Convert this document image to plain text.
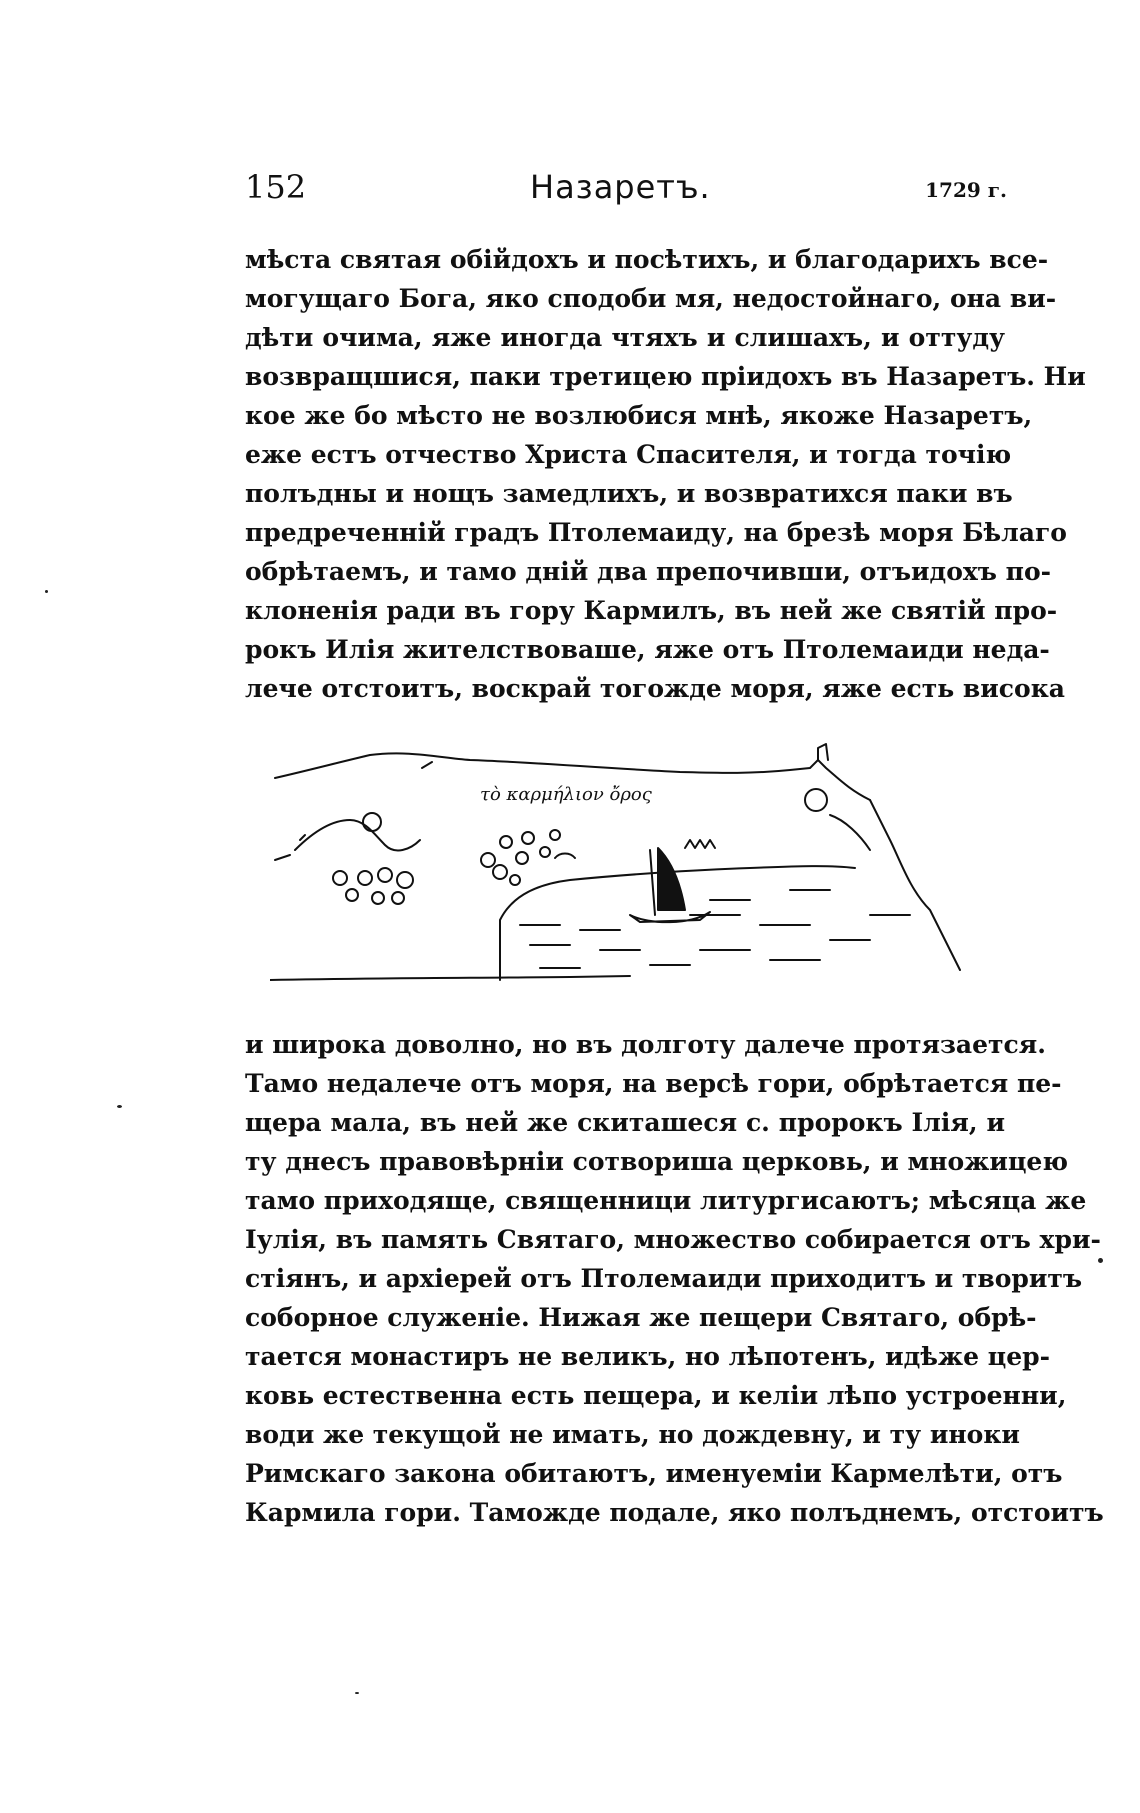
152	Назаретъ.	1729 г.
мѣста святая обійдохъ и посѣтихъ, и благодарихъ все-
могущаго Бога, яко сподоби мя, недостойнаго, она ви-
дѣти очима, яже иногда чтяхъ и слишахъ, и оттуду
возвращшися, паки третицею пріидохъ въ Назаретъ. Ни
кое же бо мѣсто не возлюбися мнѣ, якоже Назаретъ,
еже естъ отчество Христа Спасителя, и тогда точію
полъдны и нощъ замедлихъ, и возвратихся паки въ
предреченній градъ Птолемаиду, на брезѣ моря Бѣлаго
обрѣтаемъ, и тамо дній два препочивши, отъидохъ по-
клоненія ради въ гору Кармилъ, въ ней же святій про-
рокъ Илія жителствоваше, яже отъ Птолемаиди неда-
лече отстоитъ, воскрай тогожде моря, яже есть висока
τὸ καρμήλιον ὄρος
и широка доволно, но въ долготу далече протязается.
Тамо недалече отъ моря, на версѣ гори, обрѣтается пе-
щера мала, въ ней же скиташеся с. пророкъ Ілія, и
ту днесъ правовѣрніи сотвориша церковь, и множицею
тамо приходяще, священници литургисаютъ; мѣсяца же
Іулія, въ память Святаго, множество собирается отъ хри-
стіянъ, и архіерей отъ Птолемаиди приходитъ и творитъ
соборное служеніе. Нижая же пещери Святаго, обрѣ-
тается монастиръ не великъ, но лѣпотенъ, идѣже цер-
ковь естественна есть пещера, и келіи лѣпо устроенни,
води же текущой не имать, но дождевну, и ту иноки
Римскаго закона обитаютъ, именуеміи Кармелѣти, отъ
Кармила гори. Таможде подале, яко полъднемъ, отстоитъ
